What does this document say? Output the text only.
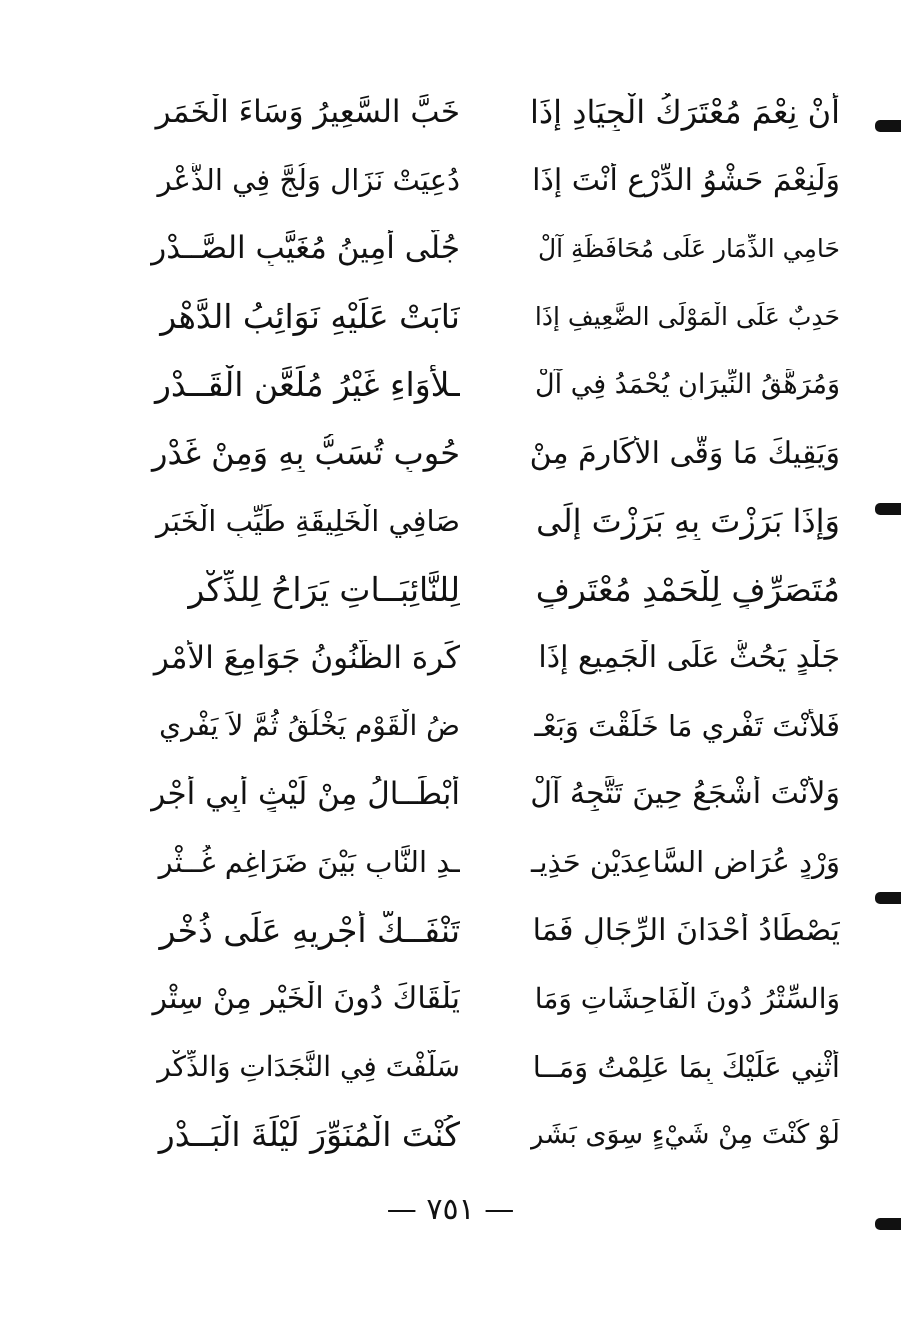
أَنْ نِعْمَ مُعْتَرَكُ الْجِيَادِ إِذَا
خَبَّ السَّعِيرُ وَسَاءَ الْخَمَرِ
وَلَنِعْمَ حَشْوُ الدِّرْعِ أَنْتَ إِذَا
دُعِيَتْ نَزَالِ وَلُجَّ فِي الذُّعْرِ
حَامِي الذِّمَارِ عَلَى مُحَافَظَةِ آلْ
جُلَّى أَمِينُ مُغَيَّبِ الصَّــدْرِ
حَدِبٌ عَلَى الْمَوْلَى الضَّعِيفِ إِذَا
نَابَتْ عَلَيْهِ نَوَائِبُ الدَّهْرِ
وَمُرَهَّقُ النِّيرَانِ يُحْمَدُ فِي آلْ
ـلأْوَاءِ غَيْرُ مُلَعَّنِ الْقَــدْرِ
وَيَقِيكَ مَا وَقَّى الأَكَارِمَ مِنْ
حُوبٍ تُسَبُّ بِهِ وَمِنْ غَدْرِ
وَإِذَا بَرَزْتَ بِهِ بَرَزْتَ إِلَى
صَافِي الْخَلِيقَةِ طَيِّبِ الْخَبَرِ
مُتَصَرِّفٍ لِلْحَمْدِ مُعْتَرِفٍ
لِلنَّائِبَــاتِ يَرَاحُ لِلذِّكْرِ
جَلْدٍ يَحُثُّ عَلَى الْجَمِيعِ إِذَا
كَرِهَ الظُّنُونُ جَوَامِعَ الأَمْرِ
فَلأَنْتَ تَفْرِي مَا خَلَقْتَ وَبَعْـ
ضُ الْقَوْمِ يَخْلُقُ ثُمَّ لاَ يَفْرِي
وَلأَنْتَ أَشْجَعُ حِينَ تَتَّجِهُ آلْ
أَبْطَــالُ مِنْ لَيْثٍ أَبِي أَجْرِ
وَرْدٍ عُرَاضِ السَّاعِدَيْنِ حَذِيـ
ـدِ النَّابِ بَيْنَ ضَرَاغِمٍ غُــثْرِ
يَصْطَادُ أُحْدَانَ الرِّجَالِ فَمَا
تَنْفَــكُّ أَجْرِيهِ عَلَى ذُخْرِ
وَالسِّتْرُ دُونَ الْفَاحِشَاتِ وَمَا
يَلْقَاكَ دُونَ الْخَيْرِ مِنْ سِتْرِ
أُثْنِي عَلَيْكَ بِمَا عَلِمْتُ وَمَــا
سَلَّفْتَ فِي النَّجَدَاتِ وَالذِّكْرِ
لَوْ كُنْتَ مِنْ شَيْءٍ سِوَى بَشَرٍ
كُنْتَ الْمُنَوِّرَ لَيْلَةَ الْبَــدْرِ
— ٧٥١ —
